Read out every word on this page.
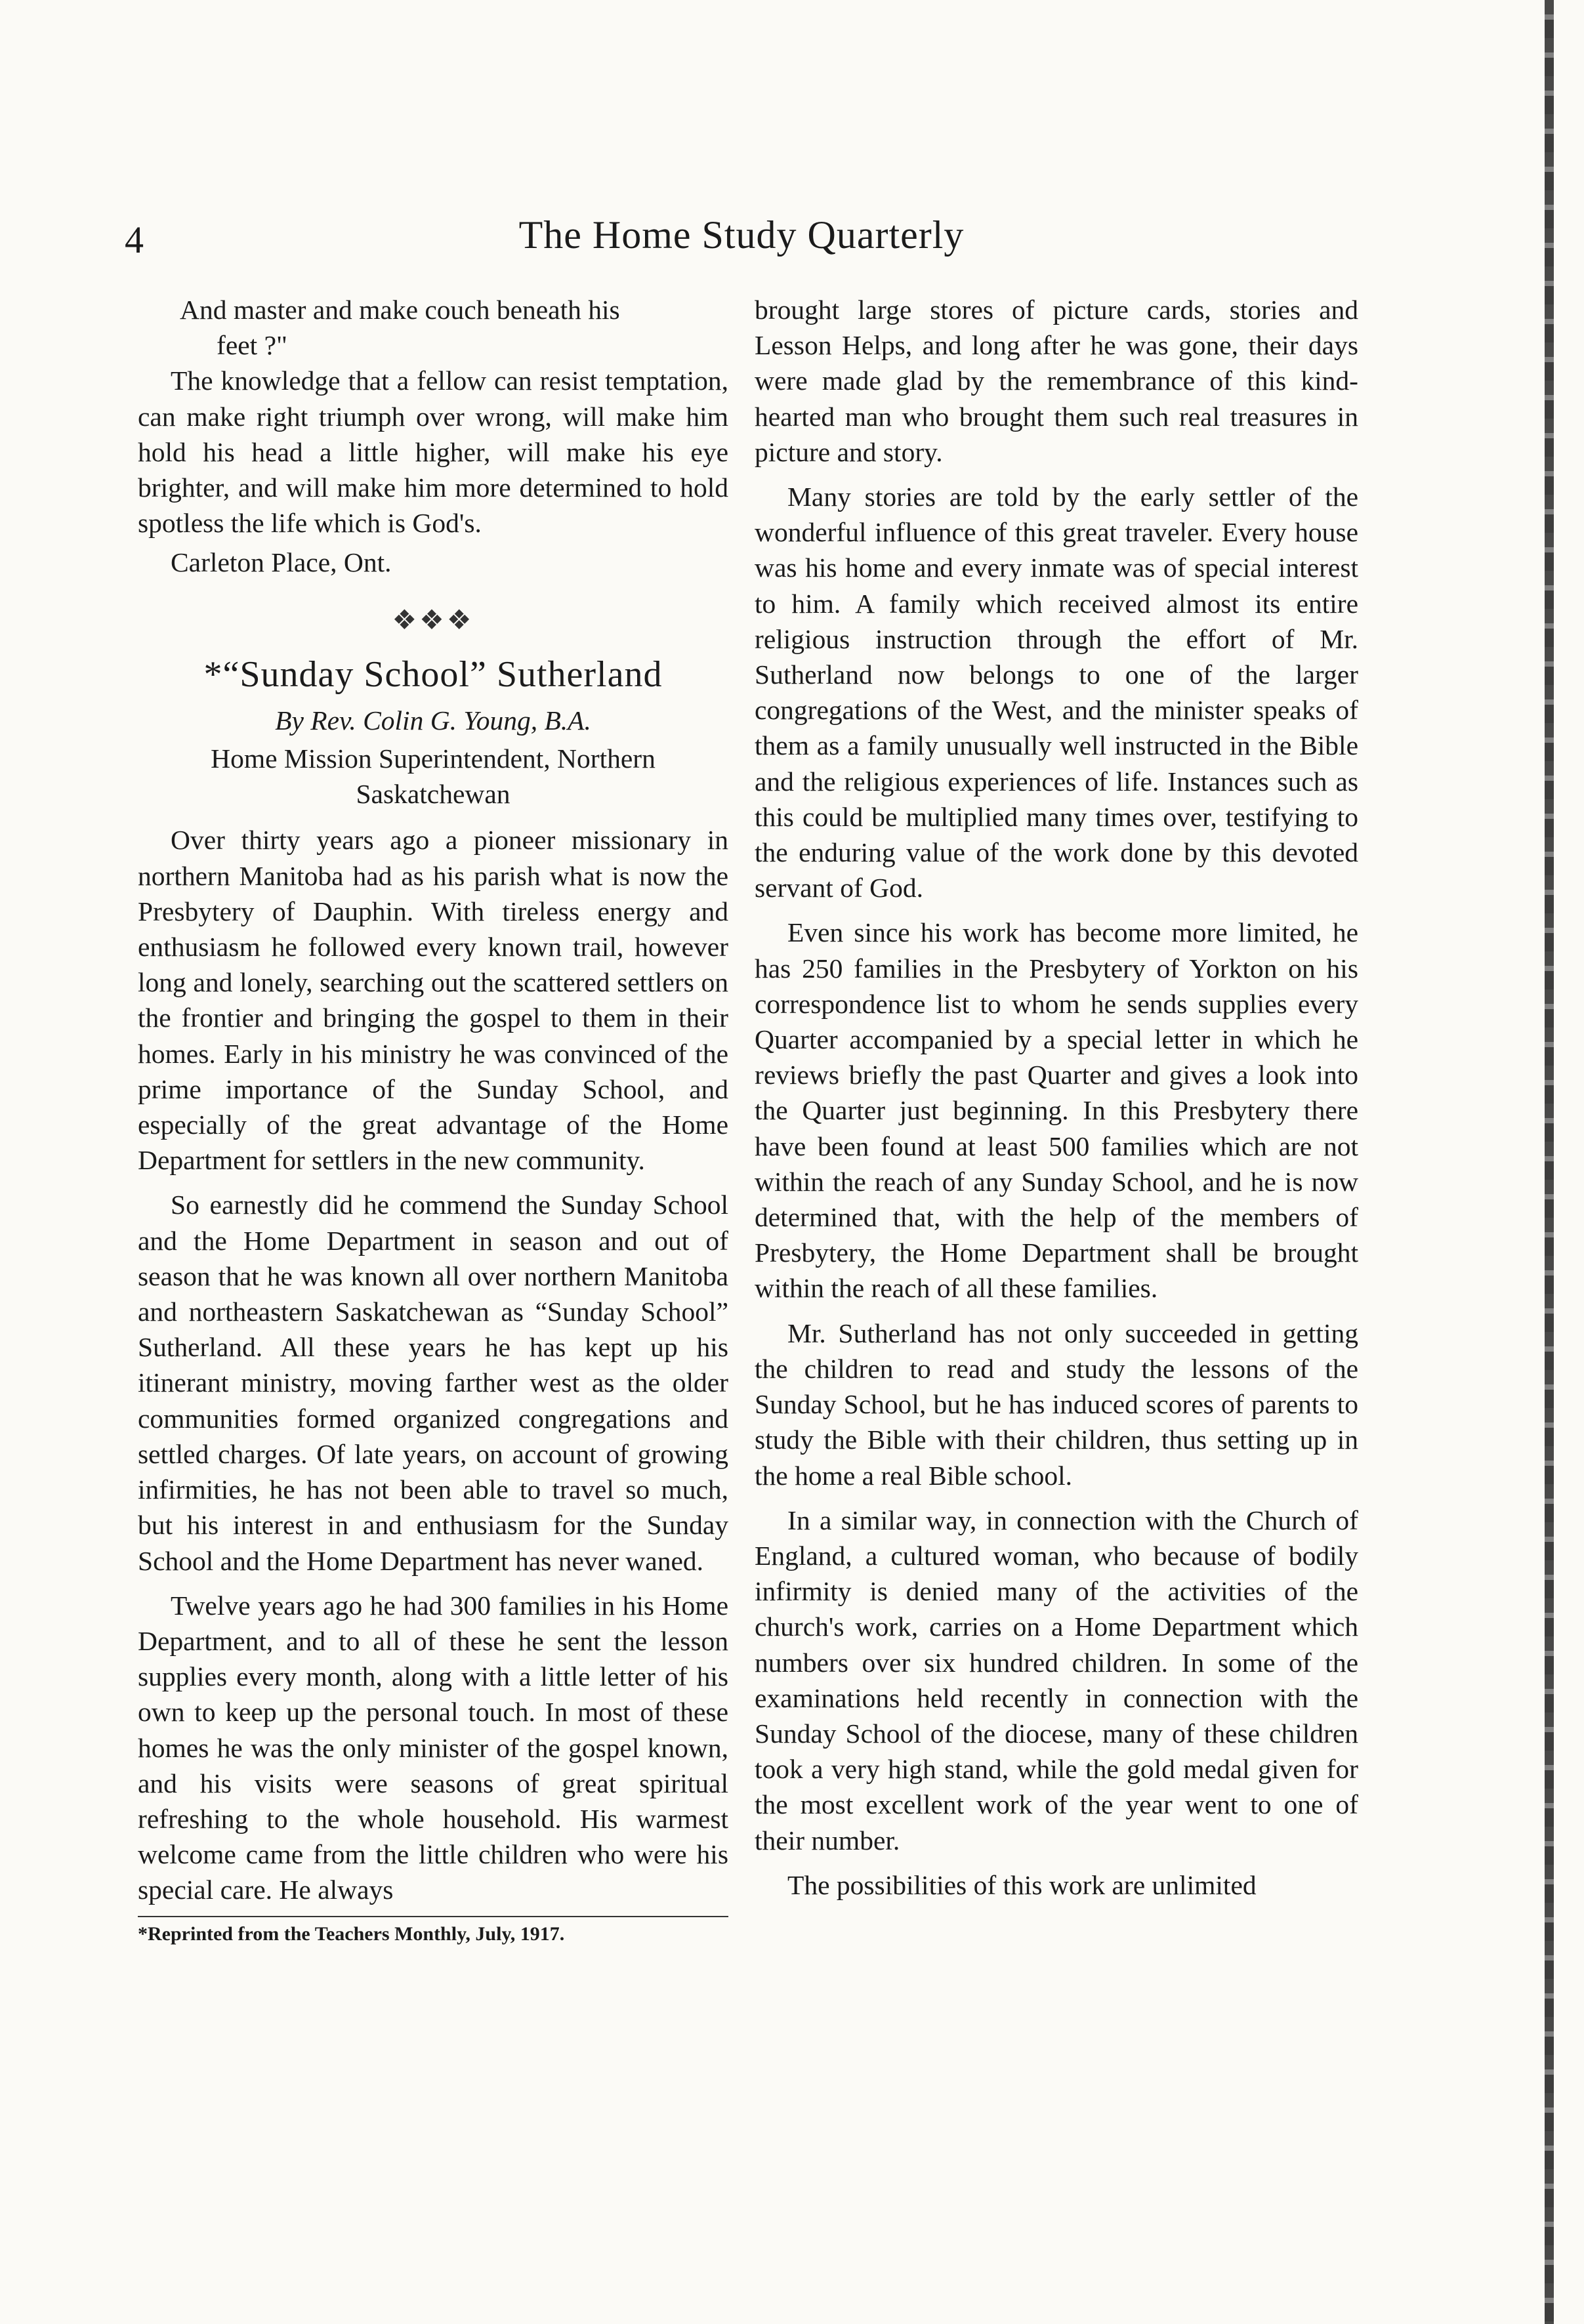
4	The Home Study Quarterly

And master and make couch beneath his

feet ?"

The knowledge that a fellow can resist temptation, can make right triumph over wrong, will make him hold his head a little higher, will make his eye brighter, and will make him more determined to hold spotless the life which is God's.

Carleton Place, Ont.

❖❖❖
*“Sunday School” Sutherland
By Rev. Colin G. Young, B.A.
Home Mission Superintendent, Northern Saskatchewan

Over thirty years ago a pioneer missionary in northern Manitoba had as his parish what is now the Presbytery of Dauphin. With tireless energy and enthusiasm he followed every known trail, however long and lonely, searching out the scattered settlers on the frontier and bringing the gospel to them in their homes. Early in his ministry he was convinced of the prime importance of the Sunday School, and especially of the great advantage of the Home Department for settlers in the new community.

So earnestly did he commend the Sunday School and the Home Department in season and out of season that he was known all over northern Manitoba and northeastern Saskatchewan as “Sunday School” Sutherland. All these years he has kept up his itinerant ministry, moving farther west as the older communities formed organized congregations and settled charges. Of late years, on account of growing infirmities, he has not been able to travel so much, but his interest in and enthusiasm for the Sunday School and the Home Department has never waned.

Twelve years ago he had 300 families in his Home Department, and to all of these he sent the lesson supplies every month, along with a little letter of his own to keep up the personal touch. In most of these homes he was the only minister of the gospel known, and his visits were seasons of great spiritual refreshing to the whole household. His warmest welcome came from the little children who were his special care. He always

*Reprinted from the Teachers Monthly, July, 1917.

brought large stores of picture cards, stories and Lesson Helps, and long after he was gone, their days were made glad by the remembrance of this kind-hearted man who brought them such real treasures in picture and story.

Many stories are told by the early settler of the wonderful influence of this great traveler. Every house was his home and every inmate was of special interest to him. A family which received almost its entire religious instruction through the effort of Mr. Sutherland now belongs to one of the larger congregations of the West, and the minister speaks of them as a family unusually well instructed in the Bible and the religious experiences of life. Instances such as this could be multiplied many times over, testifying to the enduring value of the work done by this devoted servant of God.

Even since his work has become more limited, he has 250 families in the Presbytery of Yorkton on his correspondence list to whom he sends supplies every Quarter accompanied by a special letter in which he reviews briefly the past Quarter and gives a look into the Quarter just beginning. In this Presbytery there have been found at least 500 families which are not within the reach of any Sunday School, and he is now determined that, with the help of the members of Presbytery, the Home Department shall be brought within the reach of all these families.

Mr. Sutherland has not only succeeded in getting the children to read and study the lessons of the Sunday School, but he has induced scores of parents to study the Bible with their children, thus setting up in the home a real Bible school.

In a similar way, in connection with the Church of England, a cultured woman, who because of bodily infirmity is denied many of the activities of the church's work, carries on a Home Department which numbers over six hundred children. In some of the examinations held recently in connection with the Sunday School of the diocese, many of these children took a very high stand, while the gold medal given for the most excellent work of the year went to one of their number.

The possibilities of this work are unlimited
